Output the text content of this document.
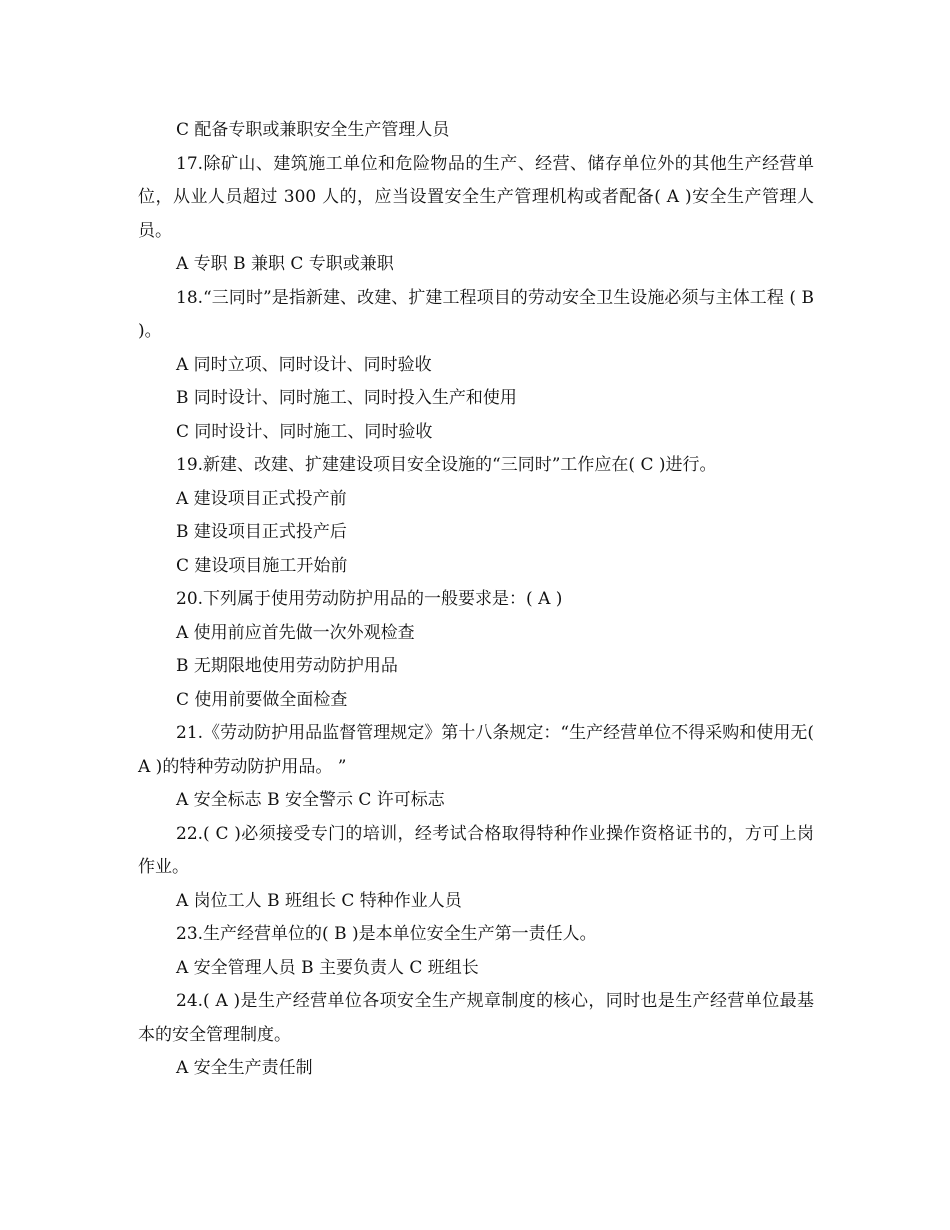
C 配备专职或兼职安全生产管理人员

17.除矿山、建筑施工单位和危险物品的生产、经营、储存单位外的其他生产经营单位，从业人员超过 300 人的，应当设置安全生产管理机构或者配备( A )安全生产管理人员。

A 专职 B 兼职 C 专职或兼职

18.“三同时”是指新建、改建、扩建工程项目的劳动安全卫生设施必须与主体工程 ( B )。

A 同时立项、同时设计、同时验收

B 同时设计、同时施工、同时投入生产和使用

C 同时设计、同时施工、同时验收

19.新建、改建、扩建建设项目安全设施的“三同时”工作应在( C )进行。

A 建设项目正式投产前

B 建设项目正式投产后

C 建设项目施工开始前

20.下列属于使用劳动防护用品的一般要求是：( A )

A 使用前应首先做一次外观检查

B 无期限地使用劳动防护用品

C 使用前要做全面检查

21.《劳动防护用品监督管理规定》第十八条规定：“生产经营单位不得采购和使用无( A )的特种劳动防护用品。 ”

A 安全标志 B 安全警示 C 许可标志

22.( C )必须接受专门的培训，经考试合格取得特种作业操作资格证书的，方可上岗作业。

A 岗位工人 B 班组长 C 特种作业人员

23.生产经营单位的( B )是本单位安全生产第一责任人。

A 安全管理人员 B 主要负责人 C 班组长

24.( A )是生产经营单位各项安全生产规章制度的核心，同时也是生产经营单位最基本的安全管理制度。

A 安全生产责任制
